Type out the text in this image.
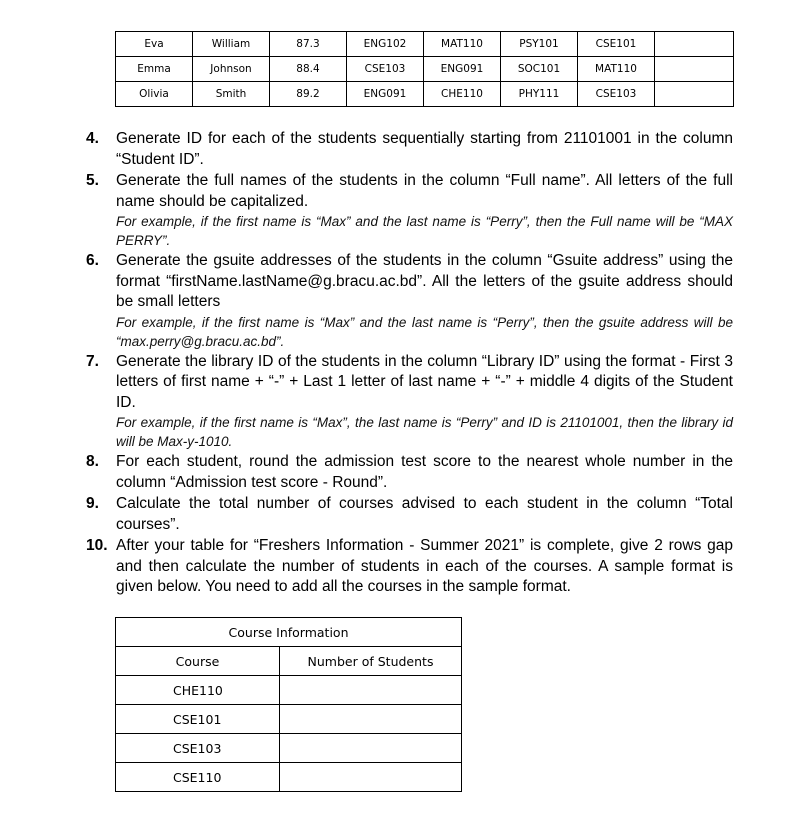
Eva	William	87.3	ENG102	MAT110	PSY101	CSE101	
Emma	Johnson	88.4	CSE103	ENG091	SOC101	MAT110	
Olivia	Smith	89.2	ENG091	CHE110	PHY111	CSE103	
4.	Generate ID for each of the students sequentially starting from 21101001 in the column “Student ID”.
5.	Generate the full names of the students in the column “Full name”. All letters of the full name should be capitalized.
For example, if the first name is “Max” and the last name is “Perry”, then the Full name will be “MAX PERRY”.
6.	Generate the gsuite addresses of the students in the column “Gsuite address” using the format “firstName.lastName@g.bracu.ac.bd”. All the letters of the gsuite address should be small letters
For example, if the first name is “Max” and the last name is “Perry”, then the gsuite address will be “max.perry@g.bracu.ac.bd”.
7.	Generate the library ID of the students in the column “Library ID” using the format - First 3 letters of first name + “-” + Last 1 letter of last name + “-” + middle 4 digits of the Student ID.
For example, if the first name is “Max”, the last name is “Perry” and ID is 21101001, then the library id will be Max-y-1010.
8.	For each student, round the admission test score to the nearest whole number in the column “Admission test score - Round”.
9.	Calculate the total number of courses advised to each student in the column “Total courses”.
10. After your table for “Freshers Information - Summer 2021” is complete, give 2 rows gap and then calculate the number of students in each of the courses. A sample format is given below. You need to add all the courses in the sample format.
Course Information	
Course	Number of Students
CHE110	
CSE101	
CSE103	
CSE110	
